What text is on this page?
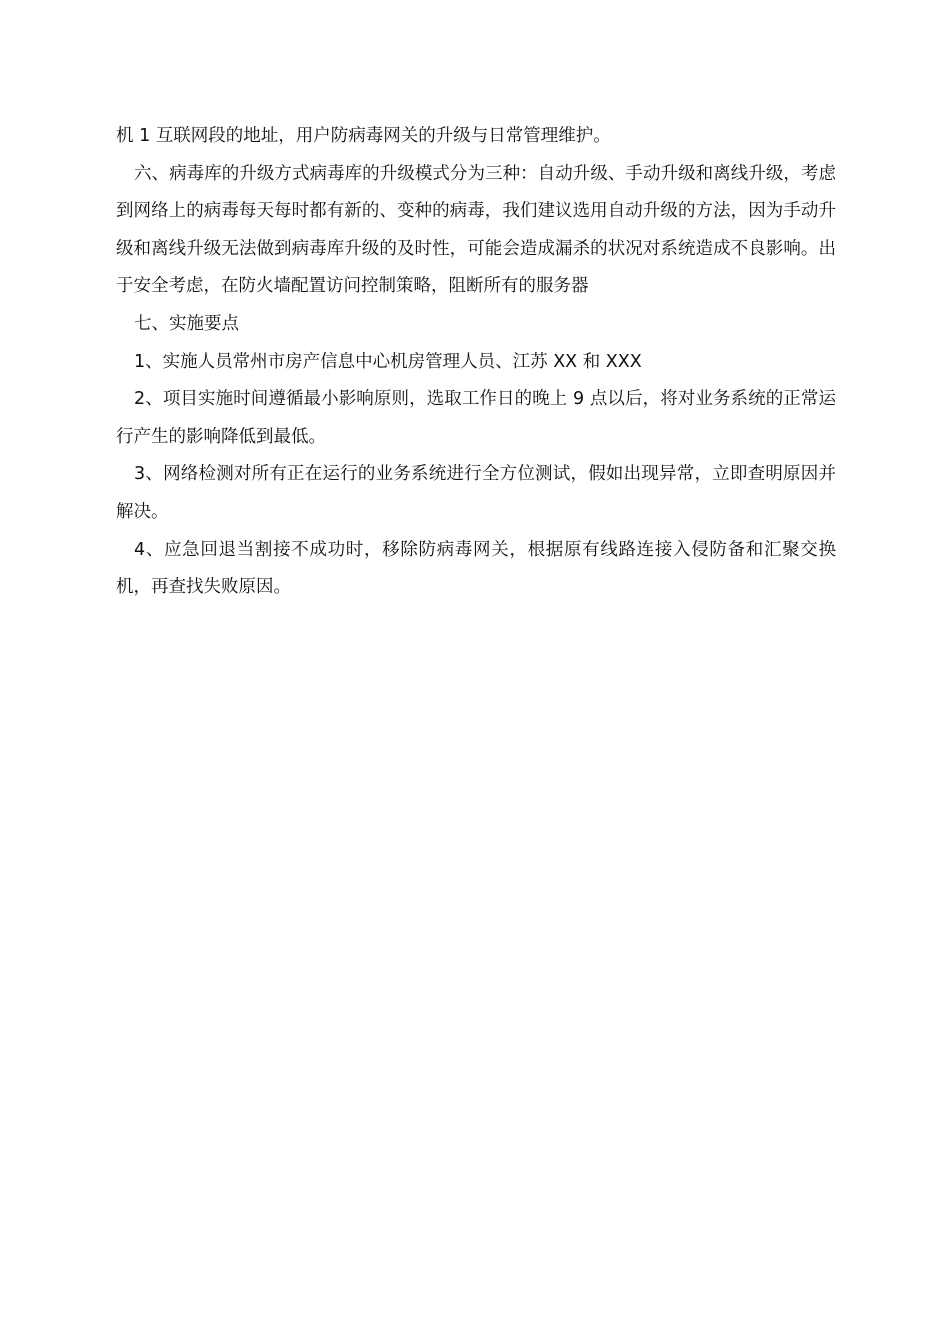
机 1 互联网段的地址，用户防病毒网关的升级与日常管理维护。

六、病毒库的升级方式病毒库的升级模式分为三种：自动升级、手动升级和离线升级，考虑到网络上的病毒每天每时都有新的、变种的病毒，我们建议选用自动升级的方法，因为手动升级和离线升级无法做到病毒库升级的及时性，可能会造成漏杀的状况对系统造成不良影响。出于安全考虑，在防火墙配置访问控制策略，阻断所有的服务器

七、实施要点

1、实施人员常州市房产信息中心机房管理人员、江苏 XX 和 XXX

2、项目实施时间遵循最小影响原则，选取工作日的晚上 9 点以后，将对业务系统的正常运行产生的影响降低到最低。

3、网络检测对所有正在运行的业务系统进行全方位测试，假如出现异常，立即查明原因并解决。

4、应急回退当割接不成功时，移除防病毒网关，根据原有线路连接入侵防备和汇聚交换机，再查找失败原因。
